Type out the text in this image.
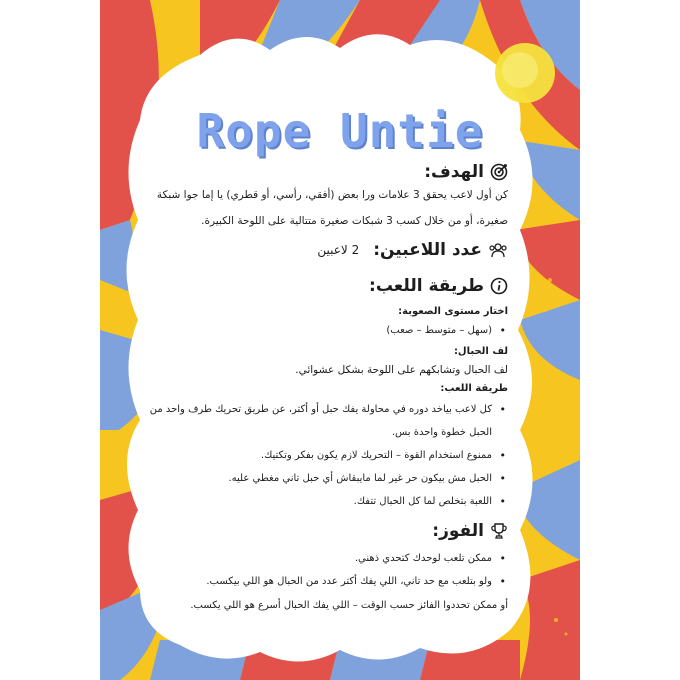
Rope Untie
الهدف:
كن أول لاعب يحقق 3 علامات ورا بعض (أفقي، رأسي، أو قطري) يا إما جوا شبكة صغيرة، أو من خلال كسب 3 شبكات صغيرة متتالية على اللوحة الكبيرة.
عدد اللاعبين:
2 لاعبين
طريقة اللعب:
اختار مستوى الصعوبة:
• (سهل – متوسط – صعب)
لف الحبال:
لف الحبال وتشابكهم على اللوحة بشكل عشوائي.
طريقة اللعب:
• كل لاعب بياخد دوره في محاولة يفك حبل أو أكتر، عن طريق تحريك طرف واحد من الحبل خطوة واحدة بس.
• ممنوع استخدام القوة – التحريك لازم يكون بفكر وتكتيك.
• الحبل مش بيكون حر غير لما مايبقاش أي حبل تاني مغطي عليه.
• اللعبة بتخلص لما كل الحبال تتفك.
الفوز:
• ممكن تلعب لوحدك كتحدي ذهني.
• ولو بتلعب مع حد تاني، اللي يفك أكتر عدد من الحبال هو اللي بيكسب.
أو ممكن تحددوا الفائز حسب الوقت – اللي يفك الحبال أسرع هو اللي يكسب.
